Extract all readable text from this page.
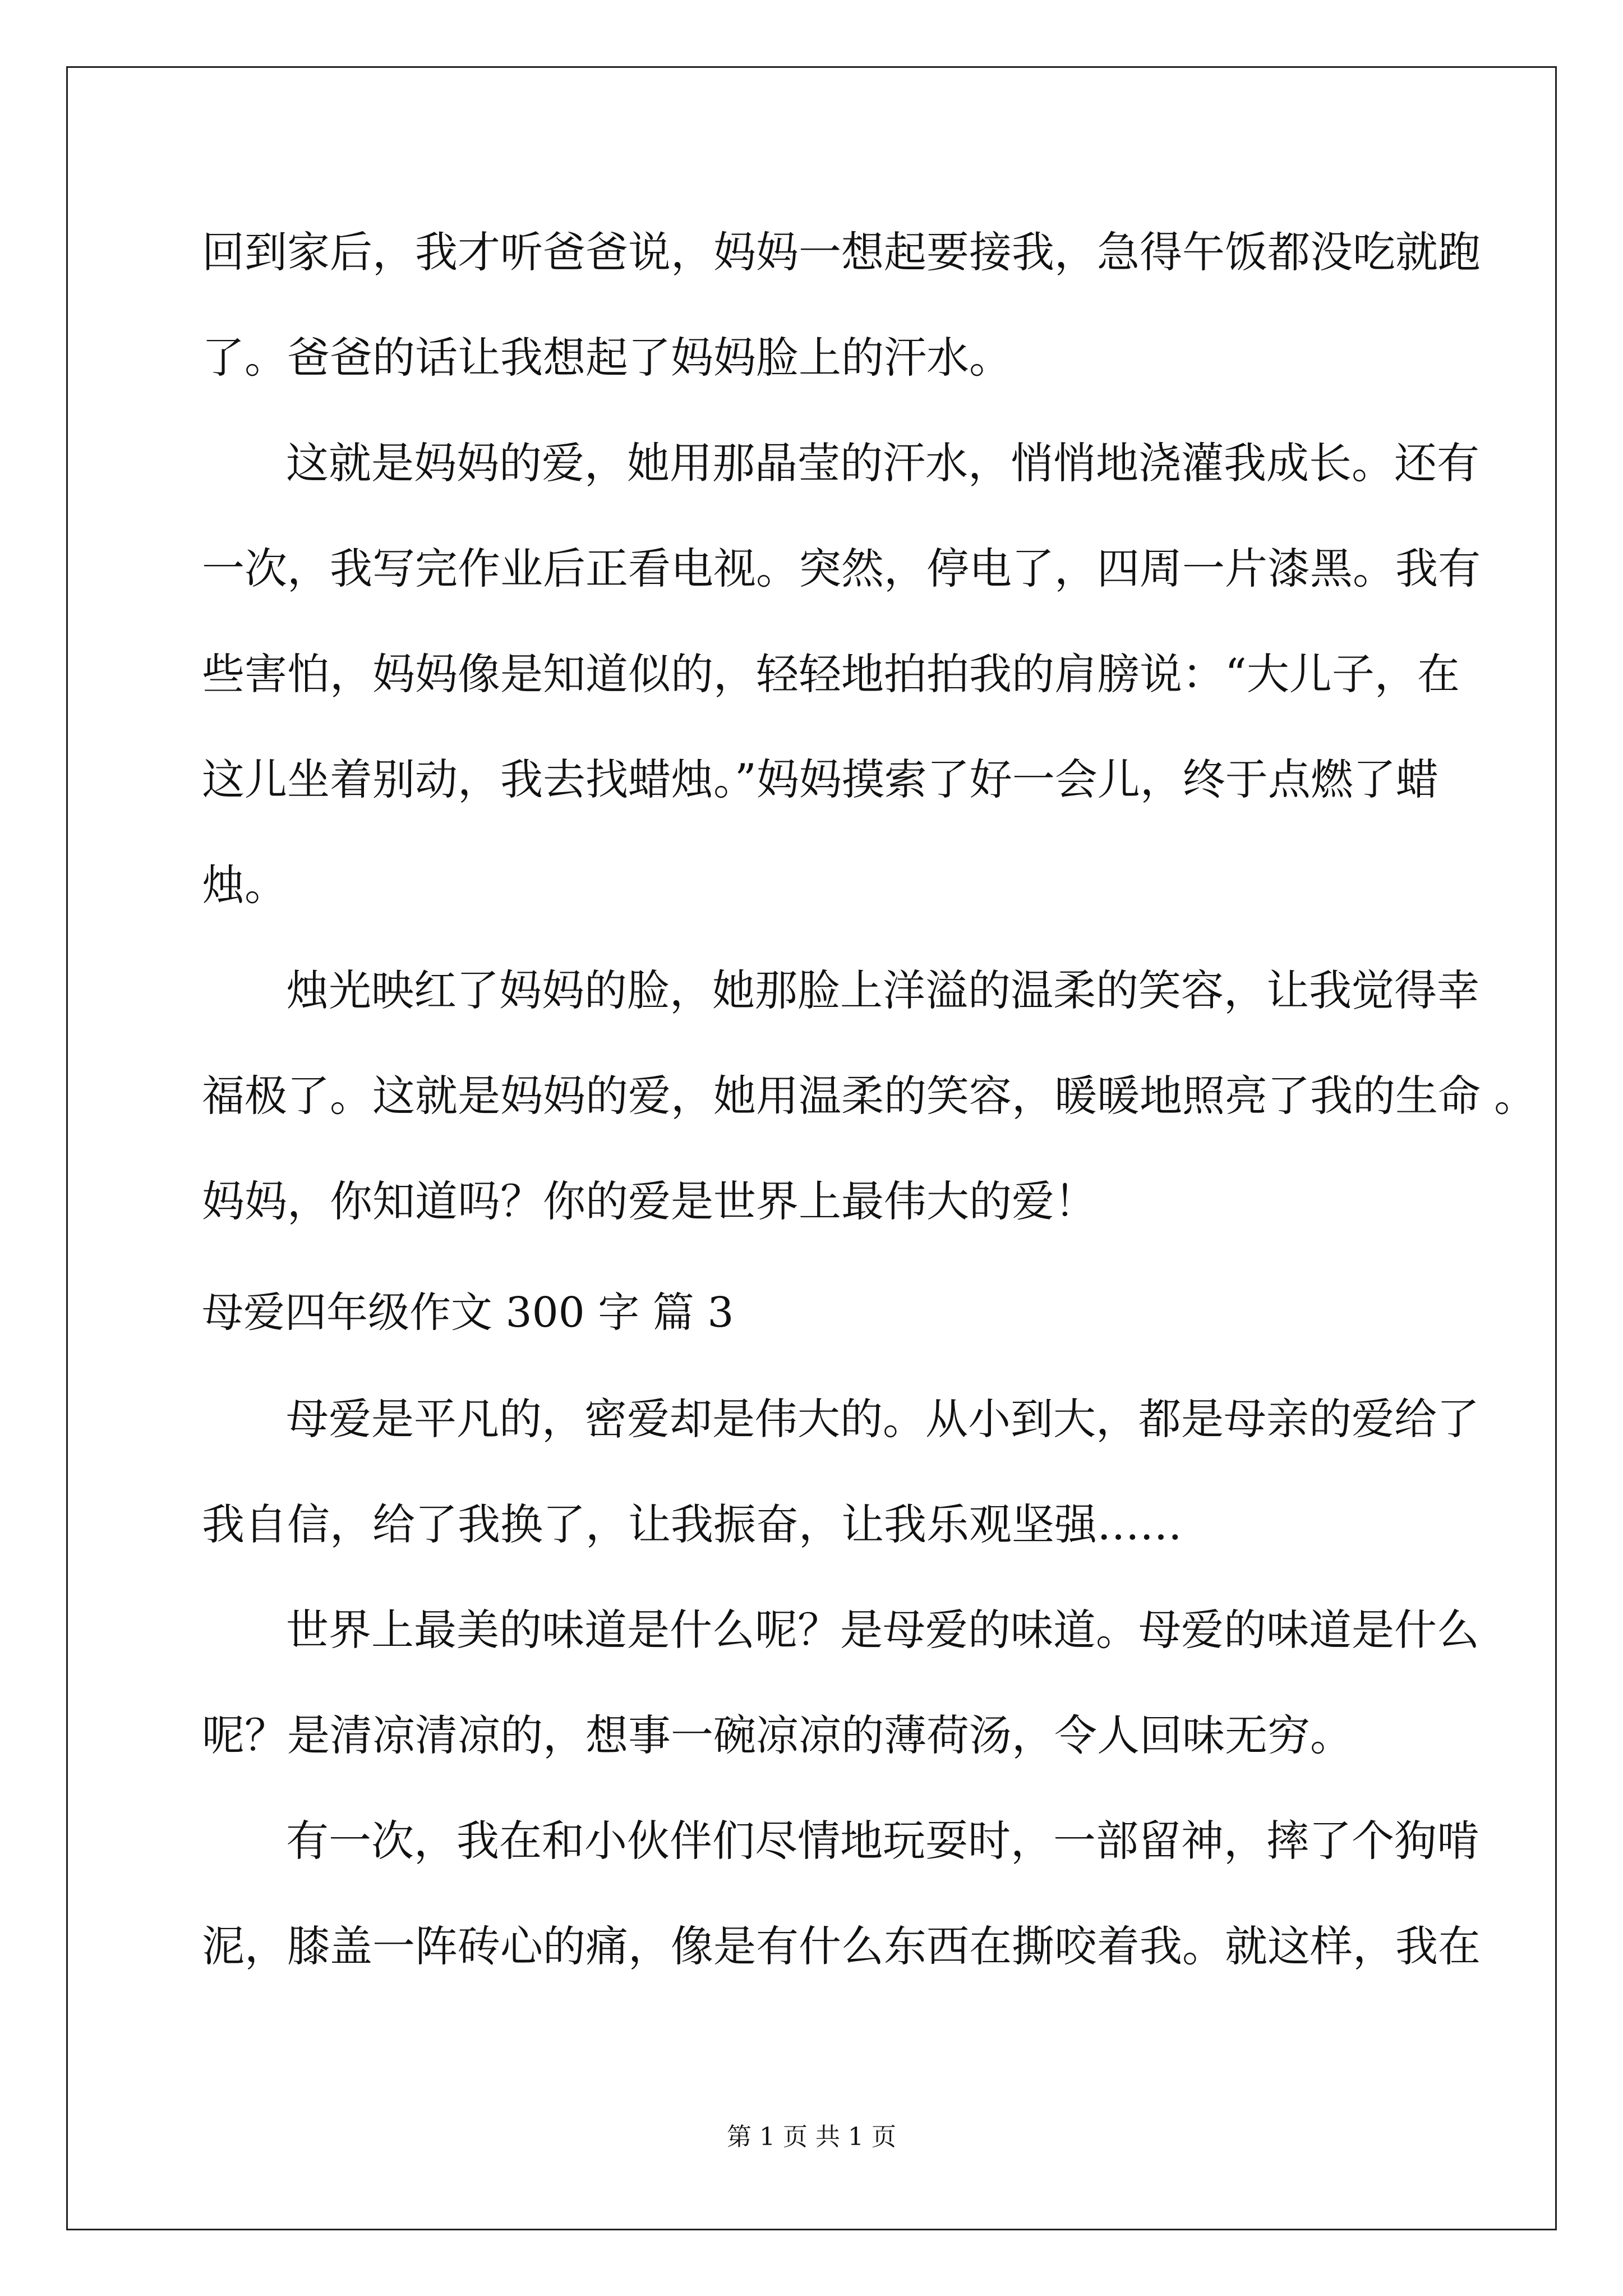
回到家后，我才听爸爸说，妈妈一想起要接我，急得午饭都没吃就跑
了。爸爸的话让我想起了妈妈脸上的汗水。
这就是妈妈的爱，她用那晶莹的汗水，悄悄地浇灌我成长。还有
一次，我写完作业后正看电视。突然，停电了，四周一片漆黑。我有
些害怕，妈妈像是知道似的，轻轻地拍拍我的肩膀说：“大儿子，在
这儿坐着别动，我去找蜡烛。”妈妈摸索了好一会儿，终于点燃了蜡
烛。
烛光映红了妈妈的脸，她那脸上洋溢的温柔的笑容，让我觉得幸
福极了。这就是妈妈的爱，她用温柔的笑容，暖暖地照亮了我的生命 。
妈妈，你知道吗？你的爱是世界上最伟大的爱！
母爱四年级作文 300 字 篇 3
母爱是平凡的，密爱却是伟大的。从小到大，都是母亲的爱给了
我自信，给了我换了，让我振奋，让我乐观坚强……
世界上最美的味道是什么呢？是母爱的味道。母爱的味道是什么
呢？是清凉清凉的，想事一碗凉凉的薄荷汤，令人回味无穷。
有一次，我在和小伙伴们尽情地玩耍时，一部留神，摔了个狗啃
泥，膝盖一阵砖心的痛，像是有什么东西在撕咬着我。就这样，我在
第 1 页 共 1 页
